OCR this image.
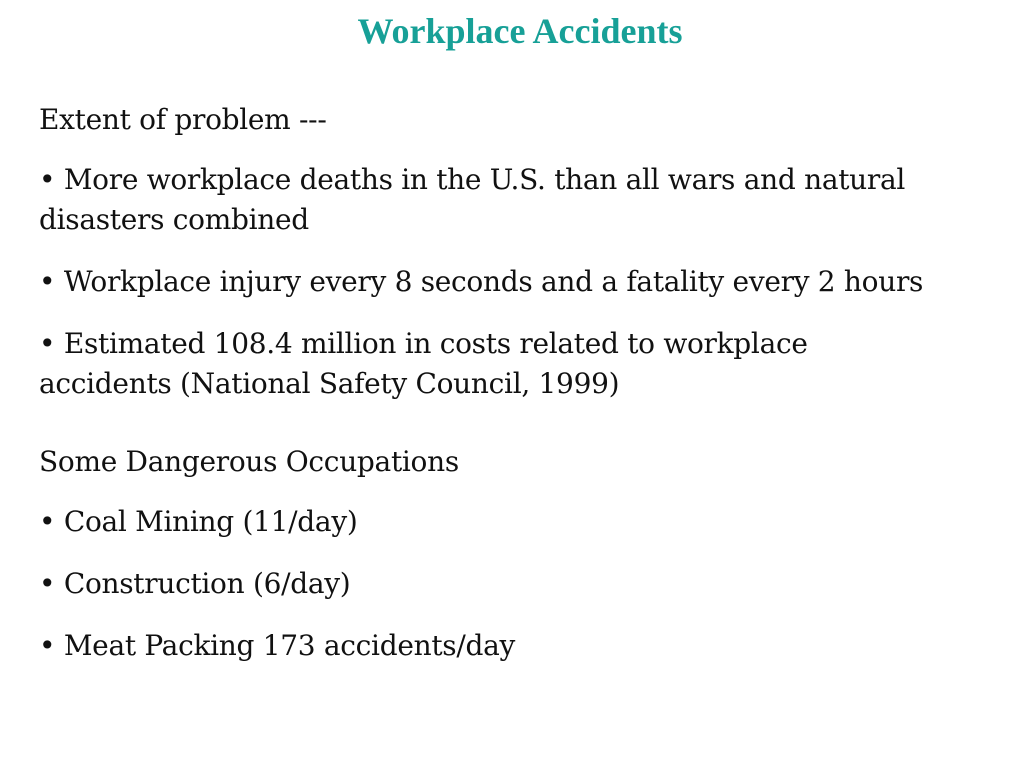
Workplace Accidents

Extent of problem ---

• More workplace deaths in the U.S. than all wars and natural disasters combined

• Workplace injury every 8 seconds and a fatality every 2 hours

• Estimated 108.4 million in costs related to workplace accidents (National Safety Council, 1999)

Some Dangerous Occupations

• Coal Mining (11/day)

• Construction (6/day)

• Meat Packing 173 accidents/day
